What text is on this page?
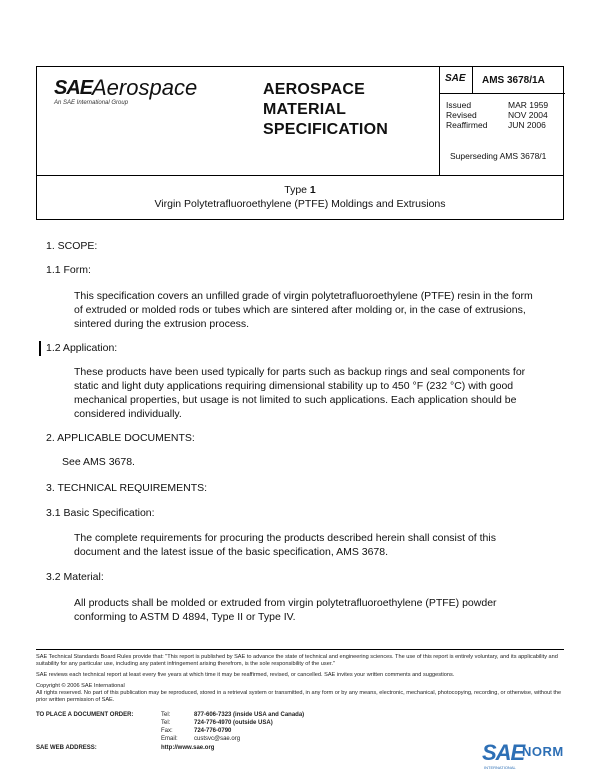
SAE Aerospace
An SAE International Group
AEROSPACE
MATERIAL
SPECIFICATION
SAE AMS 3678/1A
Issued	MAR 1959
Revised	NOV 2004
Reaffirmed JUN 2006
Superseding AMS 3678/1
Type 1
Virgin Polytetrafluoroethylene (PTFE) Moldings and Extrusions
1. SCOPE:
1.1 Form:
This specification covers an unfilled grade of virgin polytetrafluoroethylene (PTFE) resin in the form of extruded or molded rods or tubes which are sintered after molding or, in the case of extrusions, sintered during the extrusion process.
1.2 Application:
These products have been used typically for parts such as backup rings and seal components for static and light duty applications requiring dimensional stability up to 450 °F (232 °C) with good mechanical properties, but usage is not limited to such applications. Each application should be considered individually.
2. APPLICABLE DOCUMENTS:
See AMS 3678.
3. TECHNICAL REQUIREMENTS:
3.1 Basic Specification:
The complete requirements for procuring the products described herein shall consist of this document and the latest issue of the basic specification, AMS 3678.
3.2 Material:
All products shall be molded or extruded from virgin polytetrafluoroethylene (PTFE) powder conforming to ASTM D 4894, Type II or Type IV.
SAE Technical Standards Board Rules provide that: "This report is published by SAE to advance the state of technical and engineering sciences. The use of this report is entirely voluntary, and its applicability and suitability for any particular use, including any patent infringement arising therefrom, is the sole responsibility of the user."
SAE reviews each technical report at least every five years at which time it may be reaffirmed, revised, or cancelled. SAE invites your written comments and suggestions.
Copyright © 2006 SAE International
All rights reserved. No part of this publication may be reproduced, stored in a retrieval system or transmitted, in any form or by any means, electronic, mechanical, photocopying, recording, or otherwise, without the prior written permission of SAE.
TO PLACE A DOCUMENT ORDER:	Tel:	877-606-7323 (inside USA and Canada)
Tel:	724-776-4970 (outside USA)
Fax:	724-776-0790
Email:	custsvc@sae.org
SAE WEB ADDRESS:	http://www.sae.org	SAE
NORM
INTERNATIONAL
